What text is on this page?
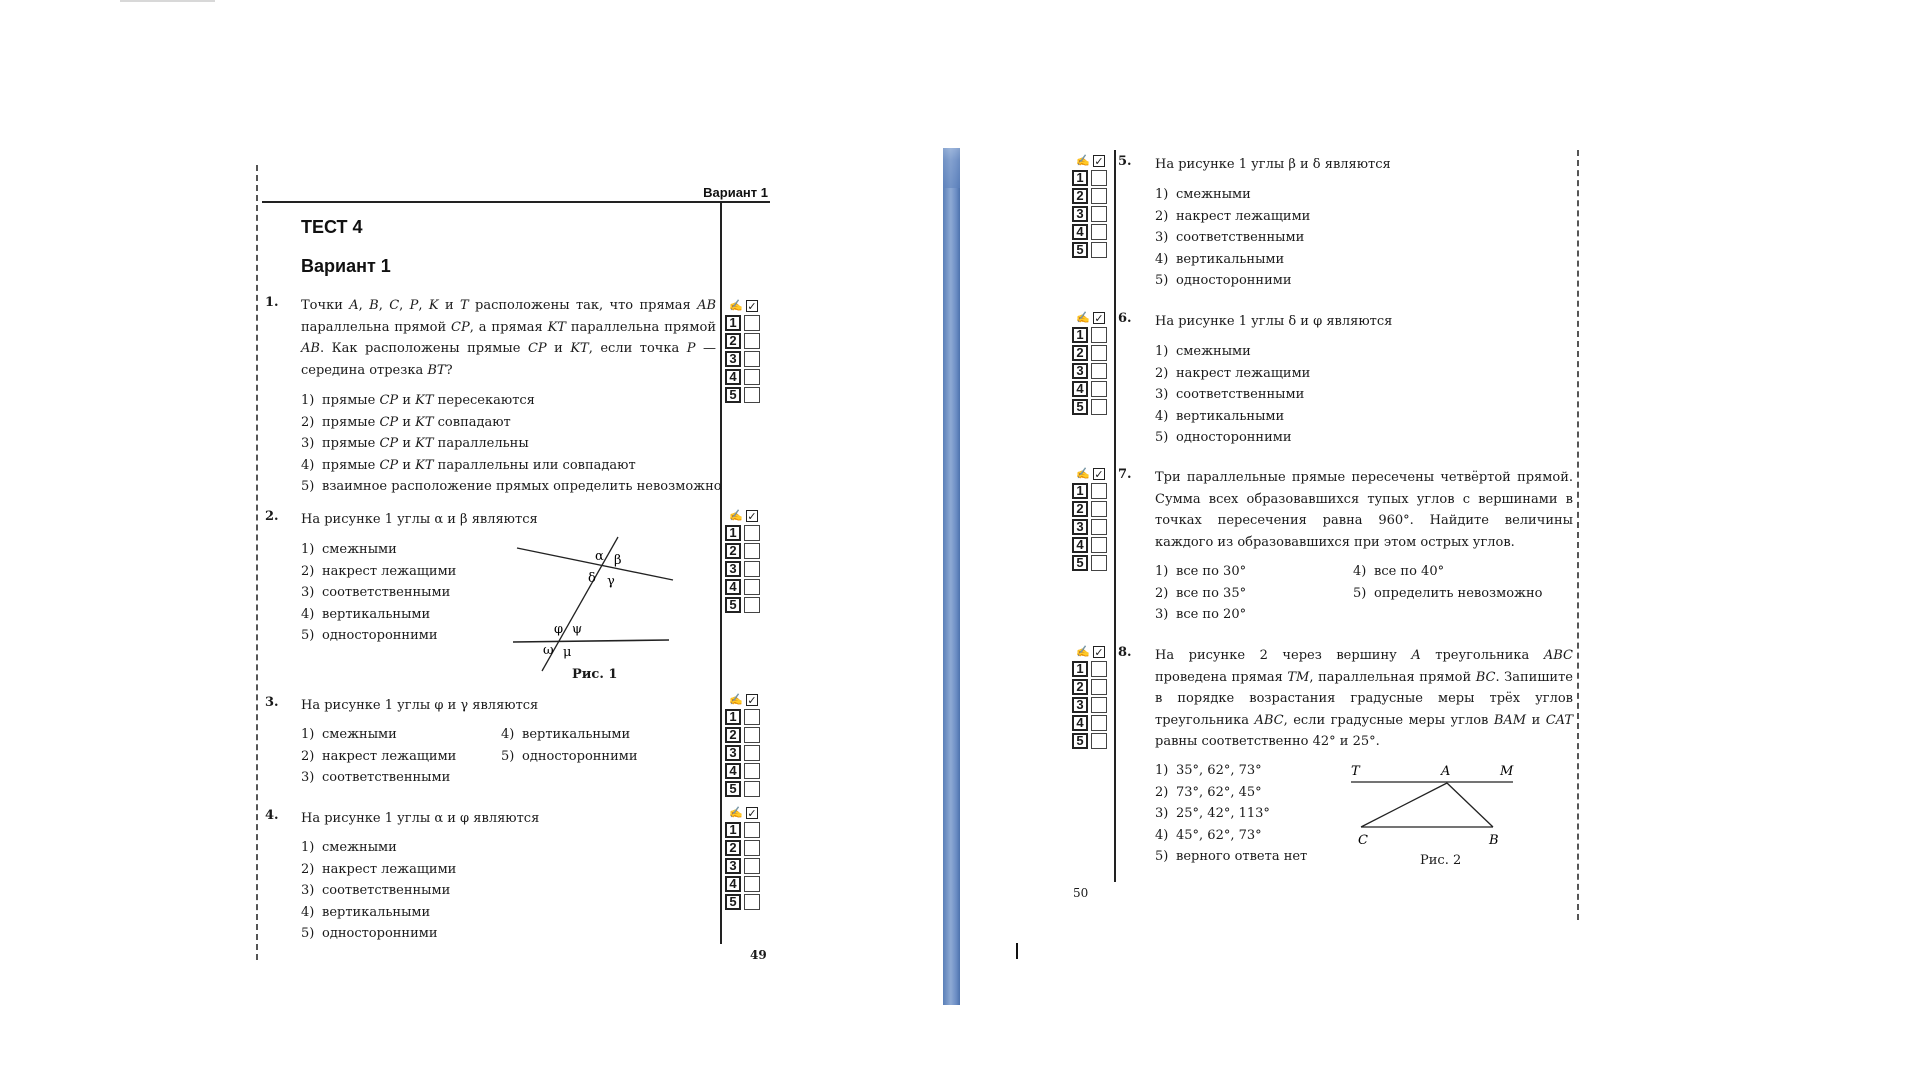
Вариант 1
ТЕСТ 4
Вариант 1
1. Точки A, B, C, P, K и T расположены так, что прямая AB параллельна прямой CP, а прямая KT параллельна прямой AB. Как расположены прямые CP и KT, если точка P — середина отрезка BT?
1) прямые CP и KT пересекаются
2) прямые CP и KT совпадают
3) прямые CP и KT параллельны
4) прямые CP и KT параллельны или совпадают
5) взаимное расположение прямых определить невозможно
2. На рисунке 1 углы α и β являются
1) смежными
2) накрест лежащими
3) соответственными
4) вертикальными
5) односторонними
α β
δ γ
φ ψ
ω μ
Рис. 1
3. На рисунке 1 углы φ и γ являются
1) смежными
2) накрест лежащими
3) соответственными
4) вертикальными
5) односторонними
4. На рисунке 1 углы α и φ являются
1) смежными
2) накрест лежащими
3) соответственными
4) вертикальными
5) односторонними
✍ ✓
1
2
3
4
5
✍ ✓
1
2
3
4
5
✍ ✓
1
2
3
4
5
✍ ✓
1
2
3
4
5
49
5. На рисунке 1 углы β и δ являются
1) смежными
2) накрест лежащими
3) соответственными
4) вертикальными
5) односторонними
6. На рисунке 1 углы δ и φ являются
1) смежными
2) накрест лежащими
3) соответственными
4) вертикальными
5) односторонними
7. Три параллельные прямые пересечены четвёртой прямой. Сумма всех образовавшихся тупых углов с вершинами в точках пересечения равна 960°. Найдите величины каждого из образовавшихся при этом острых углов.
1) все по 30°
2) все по 35°
3) все по 20°
4) все по 40°
5) определить невозможно
8. На рисунке 2 через вершину A треугольника ABC проведена прямая TM, параллельная прямой BC. Запишите в порядке возрастания градусные меры трёх углов треугольника ABC, если градусные меры углов BAM и CAT равны соответственно 42° и 25°.
1) 35°, 62°, 73°
2) 73°, 62°, 45°
3) 25°, 42°, 113°
4) 45°, 62°, 73°
5) верного ответа нет
T	A	M
C	B
Рис. 2
✍ ✓
1
2
3
4
5
✍ ✓
1
2
3
4
5
✍ ✓
1
2
3
4
5
✍ ✓
1
2
3
4
5
50
